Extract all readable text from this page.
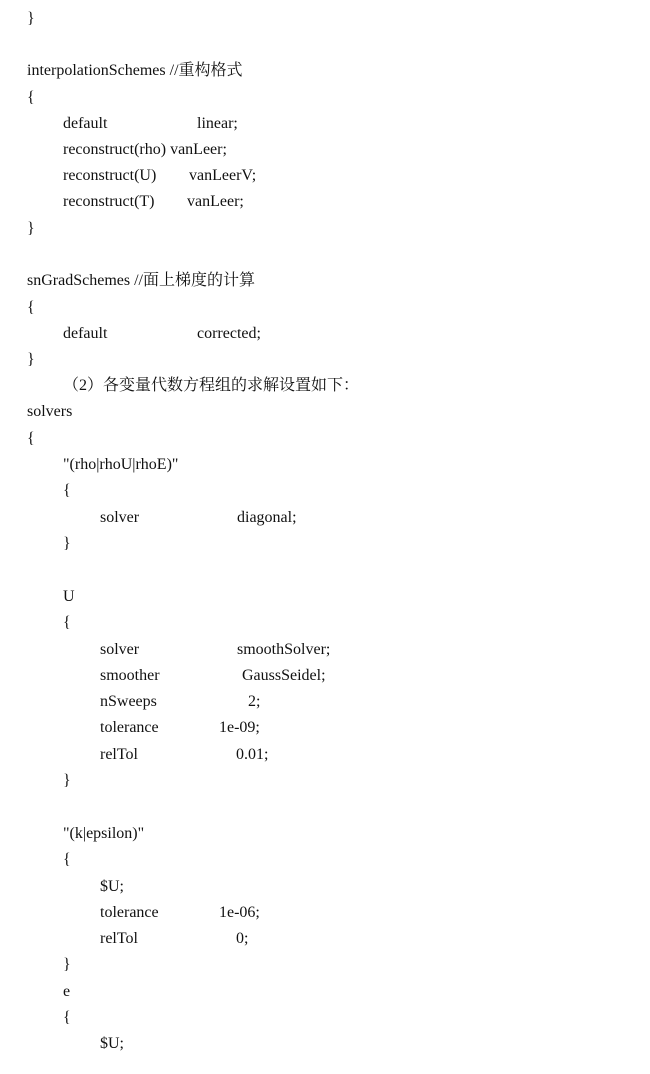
}
interpolationSchemes //重构格式
{
default	linear;
reconstruct(rho) vanLeer;
reconstruct(U) vanLeerV;
reconstruct(T) vanLeer;
}
snGradSchemes //面上梯度的计算
{
default	corrected;
}
（2）各变量代数方程组的求解设置如下：
solvers
{
"(rho|rhoU|rhoE)"
{
solver	diagonal;
}
U
{
solver	smoothSolver;
smoother	GaussSeidel;
nSweeps	2;
tolerance	1e-09;
relTol	0.01;
}
"(k|epsilon)"
{
$U;
tolerance	1e-06;
relTol	0;
}
e
{
$U;
